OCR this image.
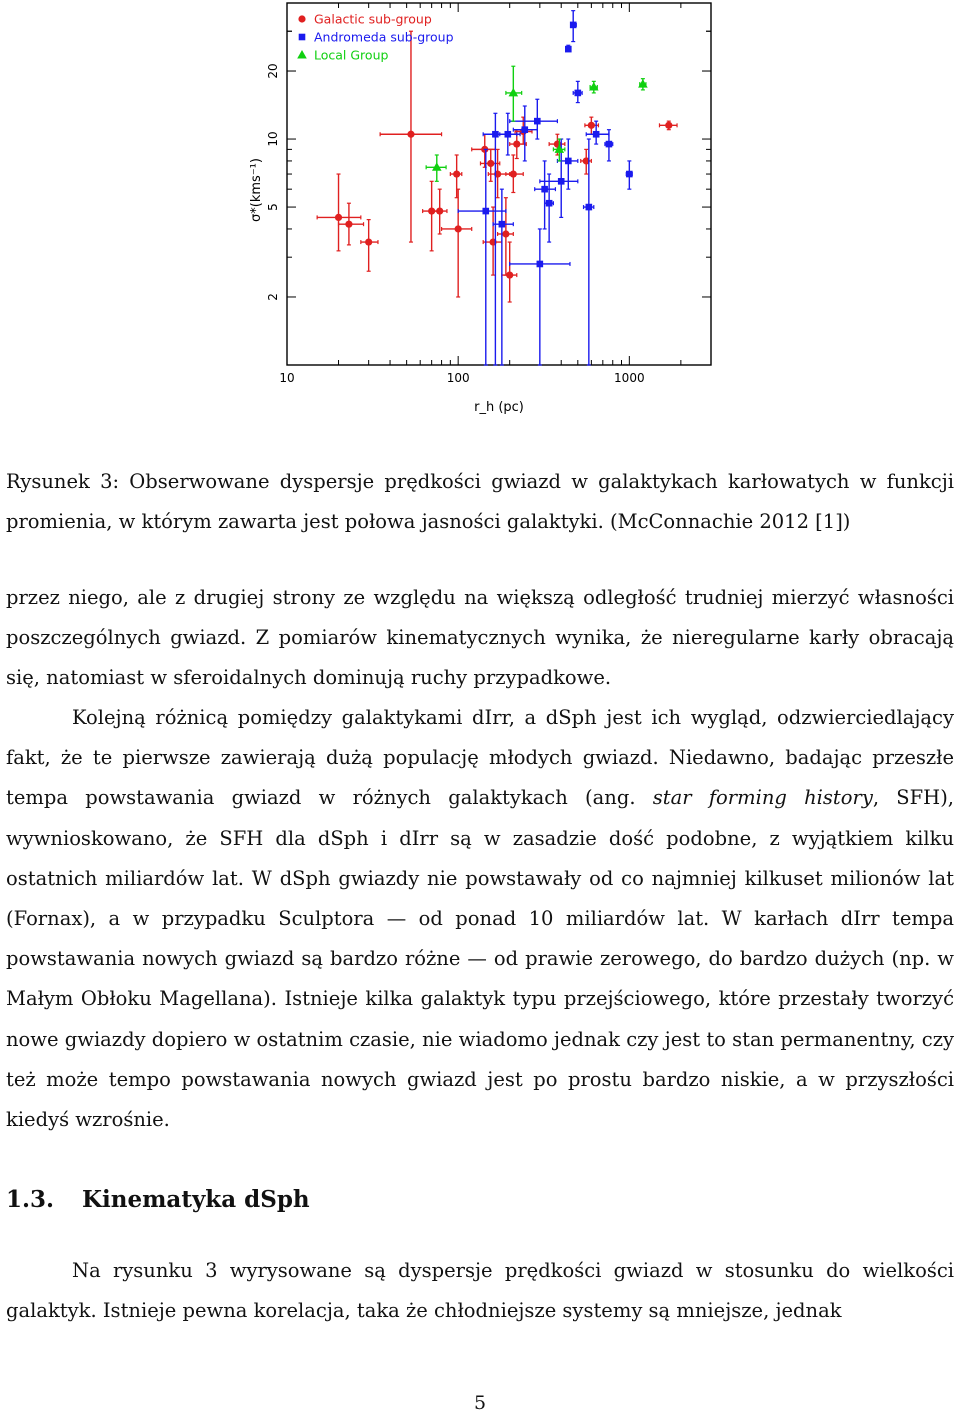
10	100	1000
2
5
10
20
Galactic sub-group
Andromeda sub-group
Local Group
r_h (pc)
σ*(kms⁻¹)
Rysunek 3: Obserwowane dyspersje prędkości gwiazd w galaktykach karłowatych w funkcji promienia, w którym zawarta jest połowa jasności galaktyki. (McConnachie 2012 [1])

przez niego, ale z drugiej strony ze względu na większą odległość trudniej mierzyć własności poszczególnych gwiazd. Z pomiarów kinematycznych wynika, że nieregularne karły obracają się, natomiast w sferoidalnych dominują ruchy przypadkowe.

Kolejną różnicą pomiędzy galaktykami dIrr, a dSph jest ich wygląd, odzwierciedlający fakt, że te pierwsze zawierają dużą populację młodych gwiazd. Niedawno, badając przeszłe tempa powstawania gwiazd w różnych galaktykach (ang. star forming history, SFH), wywnioskowano, że SFH dla dSph i dIrr są w zasadzie dość podobne, z wyjątkiem kilku ostatnich miliardów lat. W dSph gwiazdy nie powstawały od co najmniej kilkuset milionów lat (Fornax), a w przypadku Sculptora — od ponad 10 miliardów lat. W karłach dIrr tempa powstawania nowych gwiazd są bardzo różne — od prawie zerowego, do bardzo dużych (np. w Małym Obłoku Magellana). Istnieje kilka galaktyk typu przejściowego, które przestały tworzyć nowe gwiazdy dopiero w ostatnim czasie, nie wiadomo jednak czy jest to stan permanentny, czy też może tempo powstawania nowych gwiazd jest po prostu bardzo niskie, a w przyszłości kiedyś wzrośnie.

1.3. Kinematyka dSph

Na rysunku 3 wyrysowane są dyspersje prędkości gwiazd w stosunku do wielkości galaktyk. Istnieje pewna korelacja, taka że chłodniejsze systemy są mniejsze, jednak

5
